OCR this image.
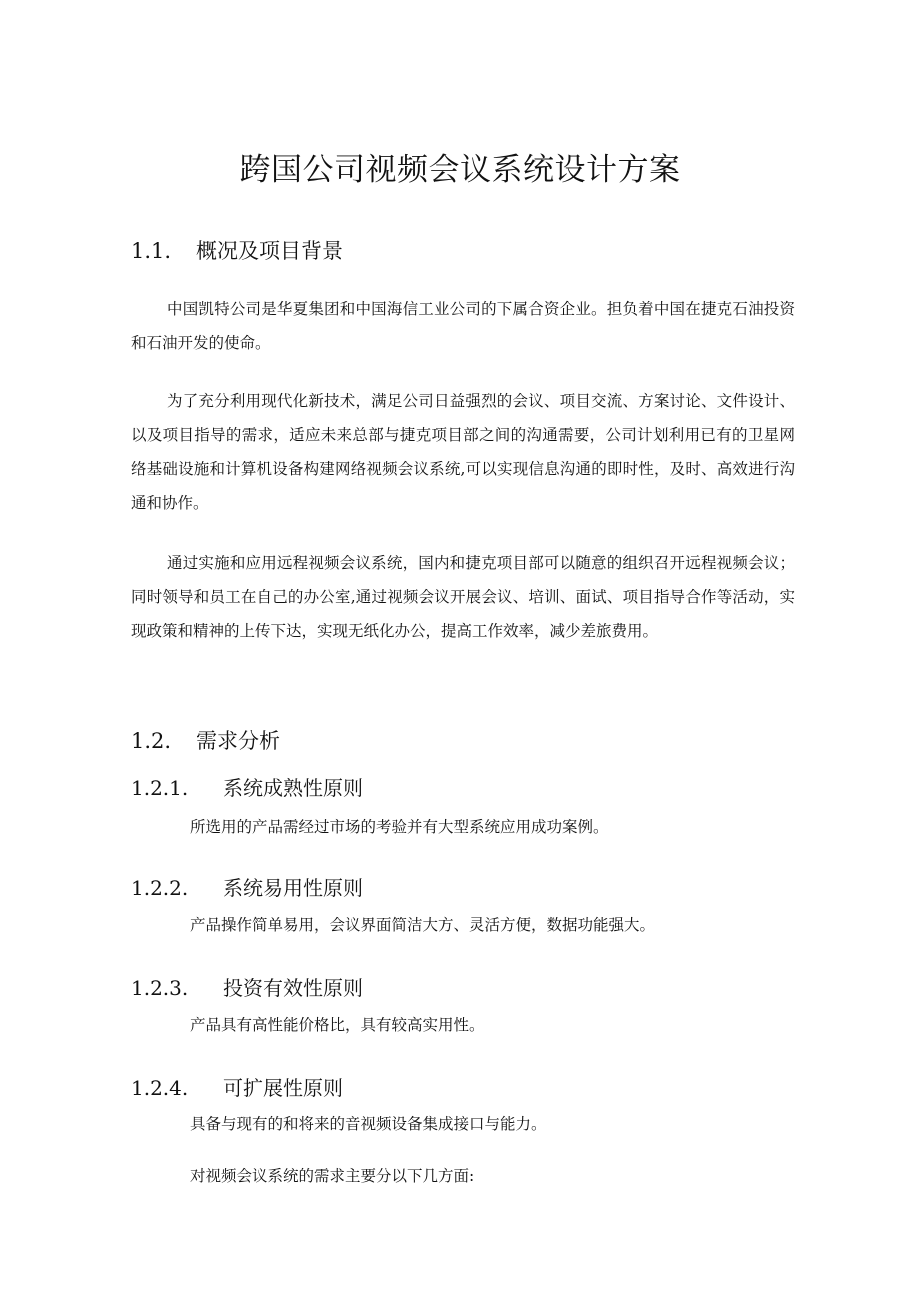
跨国公司视频会议系统设计方案
1.1. 概况及项目背景

中国凯特公司是华夏集团和中国海信工业公司的下属合资企业。担负着中国在捷克石油投资和石油开发的使命。

为了充分利用现代化新技术，满足公司日益强烈的会议、项目交流、方案讨论、文件设计、以及项目指导的需求，适应未来总部与捷克项目部之间的沟通需要，公司计划利用已有的卫星网络基础设施和计算机设备构建网络视频会议系统,可以实现信息沟通的即时性，及时、高效进行沟通和协作。

通过实施和应用远程视频会议系统，国内和捷克项目部可以随意的组织召开远程视频会议；同时领导和员工在自己的办公室,通过视频会议开展会议、培训、面试、项目指导合作等活动，实现政策和精神的上传下达，实现无纸化办公，提高工作效率，减少差旅费用。

1.2. 需求分析
1.2.1. 系统成熟性原则

所选用的产品需经过市场的考验并有大型系统应用成功案例。

1.2.2. 系统易用性原则

产品操作简单易用，会议界面简洁大方、灵活方便，数据功能强大。

1.2.3. 投资有效性原则

产品具有高性能价格比，具有较高实用性。

1.2.4. 可扩展性原则

具备与现有的和将来的音视频设备集成接口与能力。

对视频会议系统的需求主要分以下几方面:
